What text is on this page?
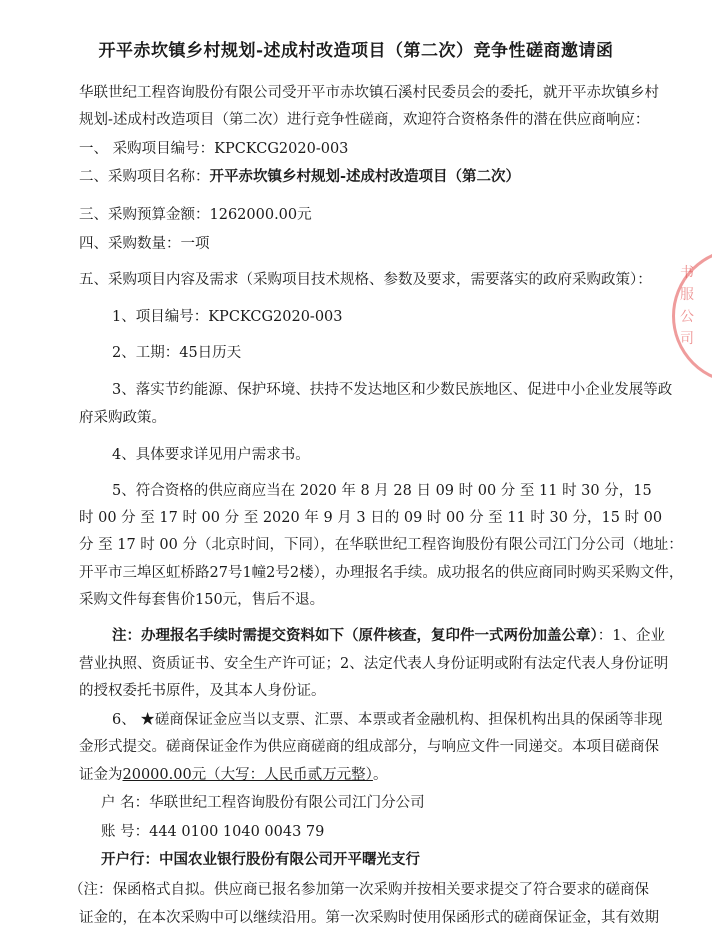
开平赤坎镇乡村规划-述成村改造项目（第二次）竞争性磋商邀请函
华联世纪工程咨询股份有限公司受开平市赤坎镇石溪村民委员会的委托，就开平赤坎镇乡村
规划-述成村改造项目（第二次）进行竞争性磋商，欢迎符合资格条件的潜在供应商响应：
一、 采购项目编号：KPCKCG2020-003
二、采购项目名称：开平赤坎镇乡村规划-述成村改造项目（第二次）
三、采购预算金额：1262000.00元
四、采购数量：一项
五、采购项目内容及需求（采购项目技术规格、参数及要求，需要落实的政府采购政策）：
1、项目编号：KPCKCG2020-003
2、工期：45日历天
3、落实节约能源、保护环境、扶持不发达地区和少数民族地区、促进中小企业发展等政
府采购政策。
4、具体要求详见用户需求书。
5、符合资格的供应商应当在 2020 年 8 月 28 日 09 时 00 分 至 11 时 30 分，15
时 00 分 至 17 时 00 分 至 2020 年 9 月 3 日的 09 时 00 分 至 11 时 30 分，15 时 00
分 至 17 时 00 分（北京时间，下同），在华联世纪工程咨询股份有限公司江门分公司（地址：
开平市三埠区虹桥路27号1幢2号2楼），办理报名手续。成功报名的供应商同时购买采购文件，
采购文件每套售价150元，售后不退。
注：办理报名手续时需提交资料如下（原件核查，复印件一式两份加盖公章）：1、企业
营业执照、资质证书、安全生产许可证；2、法定代表人身份证明或附有法定代表人身份证明
的授权委托书原件，及其本人身份证。
6、 ★磋商保证金应当以支票、汇票、本票或者金融机构、担保机构出具的保函等非现
金形式提交。磋商保证金作为供应商磋商的组成部分，与响应文件一同递交。本项目磋商保
证金为20000.00元（大写：人民币贰万元整）。
户 名：华联世纪工程咨询股份有限公司江门分公司
账 号：444 0100 1040 0043 79
开户行：中国农业银行股份有限公司开平曙光支行
（注：保函格式自拟。供应商已报名参加第一次采购并按相关要求提交了符合要求的磋商保
证金的，在本次采购中可以继续沿用。第一次采购时使用保函形式的磋商保证金，其有效期
书服公司
